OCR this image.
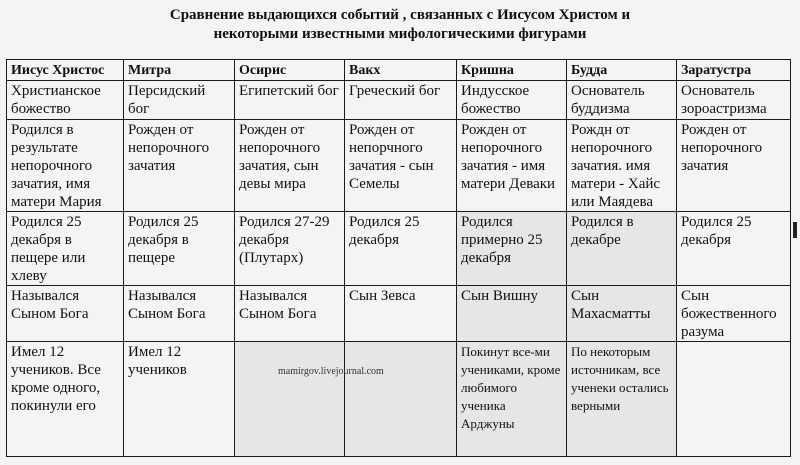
Сравнение выдающихся событий , связанных с Иисусом Христом и
некоторыми известными мифологическими фигурами
Иисус Христос	Митра	Осирис	Вакх	Кришна	Будда	Заратустра
Христианское божество	Персидский бог	Египетский бог	Греческий бог	Индусское божество	Основатель буддизма	Основатель зороастризма
Родился в результате непорочного зачатия, имя матери Мария	Рожден от непорочного зачатия	Рожден от непорочного зачатия, сын девы мира	Рожден от непорчного зачатия - сын Семелы	Рожден от непорочного зачатия - имя матери Деваки	Рождн от непорочного зачатия. имя матери - Хайс или Маядева	Рожден от непорочного зачатия
Родился 25 декабря в пещере или хлеву	Родился 25 декабря в пещере	Родился 27-29 декабря (Плутарх)	Родился 25 декабря	Родился примерно 25 декабря	Родился в декабре	Родился 25 декабря
Назывался Сыном Бога	Назывался Сыном Бога	Назывался Сыном Бога	Сын Зевса	Сын Вишну	Сын Махасматты	Сын божественного разума
Имел 12 учеников. Все кроме одного, покинули его	Имел 12 учеников			Покинут все-ми учениками, кроме любимого ученика Арджуны	По некоторым источникам, все ученеки остались верными	
mamirgov.livejournal.com
